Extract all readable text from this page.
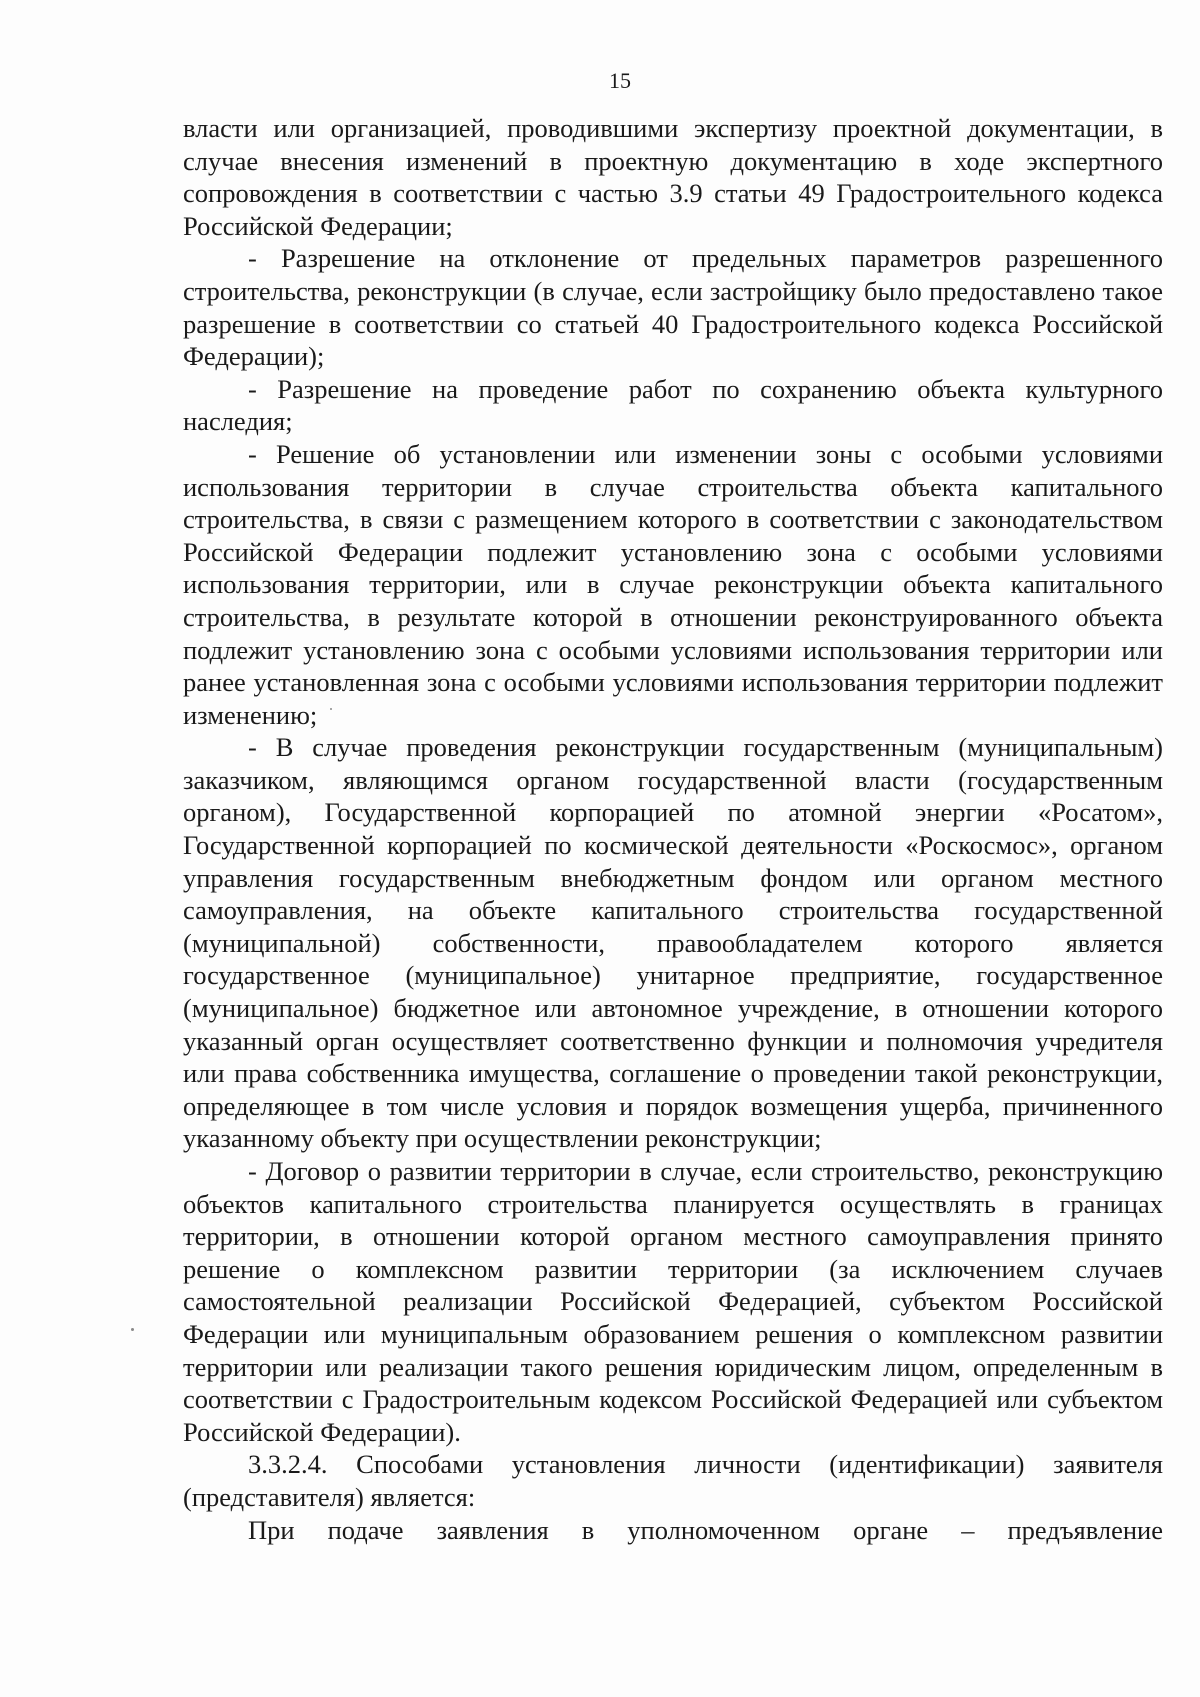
15

власти или организацией, проводившими экспертизу проектной документации, в случае внесения изменений в проектную документацию в ходе экспертного сопровождения в соответствии с частью 3.9 статьи 49 Градостроительного кодекса Российской Федерации;

- Разрешение на отклонение от предельных параметров разрешенного строительства, реконструкции (в случае, если застройщику было предоставлено такое разрешение в соответствии со статьей 40 Градостроительного кодекса Российской Федерации);

- Разрешение на проведение работ по сохранению объекта культурного наследия;

- Решение об установлении или изменении зоны с особыми условиями использования территории в случае строительства объекта капитального строительства, в связи с размещением которого в соответствии с законодательством Российской Федерации подлежит установлению зона с особыми условиями использования территории, или в случае реконструкции объекта капитального строительства, в результате которой в отношении реконструированного объекта подлежит установлению зона с особыми условиями использования территории или ранее установленная зона с особыми условиями использования территории подлежит изменению;

- В случае проведения реконструкции государственным (муниципальным) заказчиком, являющимся органом государственной власти (государственным органом), Государственной корпорацией по атомной энергии «Росатом», Государственной корпорацией по космической деятельности «Роскосмос», органом управления государственным внебюджетным фондом или органом местного самоуправления, на объекте капитального строительства государственной (муниципальной) собственности, правообладателем которого является государственное (муниципальное) унитарное предприятие, государственное (муниципальное) бюджетное или автономное учреждение, в отношении которого указанный орган осуществляет соответственно функции и полномочия учредителя или права собственника имущества, соглашение о проведении такой реконструкции, определяющее в том числе условия и порядок возмещения ущерба, причиненного указанному объекту при осуществлении реконструкции;

- Договор о развитии территории в случае, если строительство, реконструкцию объектов капитального строительства планируется осуществлять в границах территории, в отношении которой органом местного самоуправления принято решение о комплексном развитии территории (за исключением случаев самостоятельной реализации Российской Федерацией, субъектом Российской Федерации или муниципальным образованием решения о комплексном развитии территории или реализации такого решения юридическим лицом, определенным в соответствии с Градостроительным кодексом Российской Федерацией или субъектом Российской Федерации).

3.3.2.4. Способами установления личности (идентификации) заявителя (представителя) является:

При подаче заявления в уполномоченном органе – предъявление
